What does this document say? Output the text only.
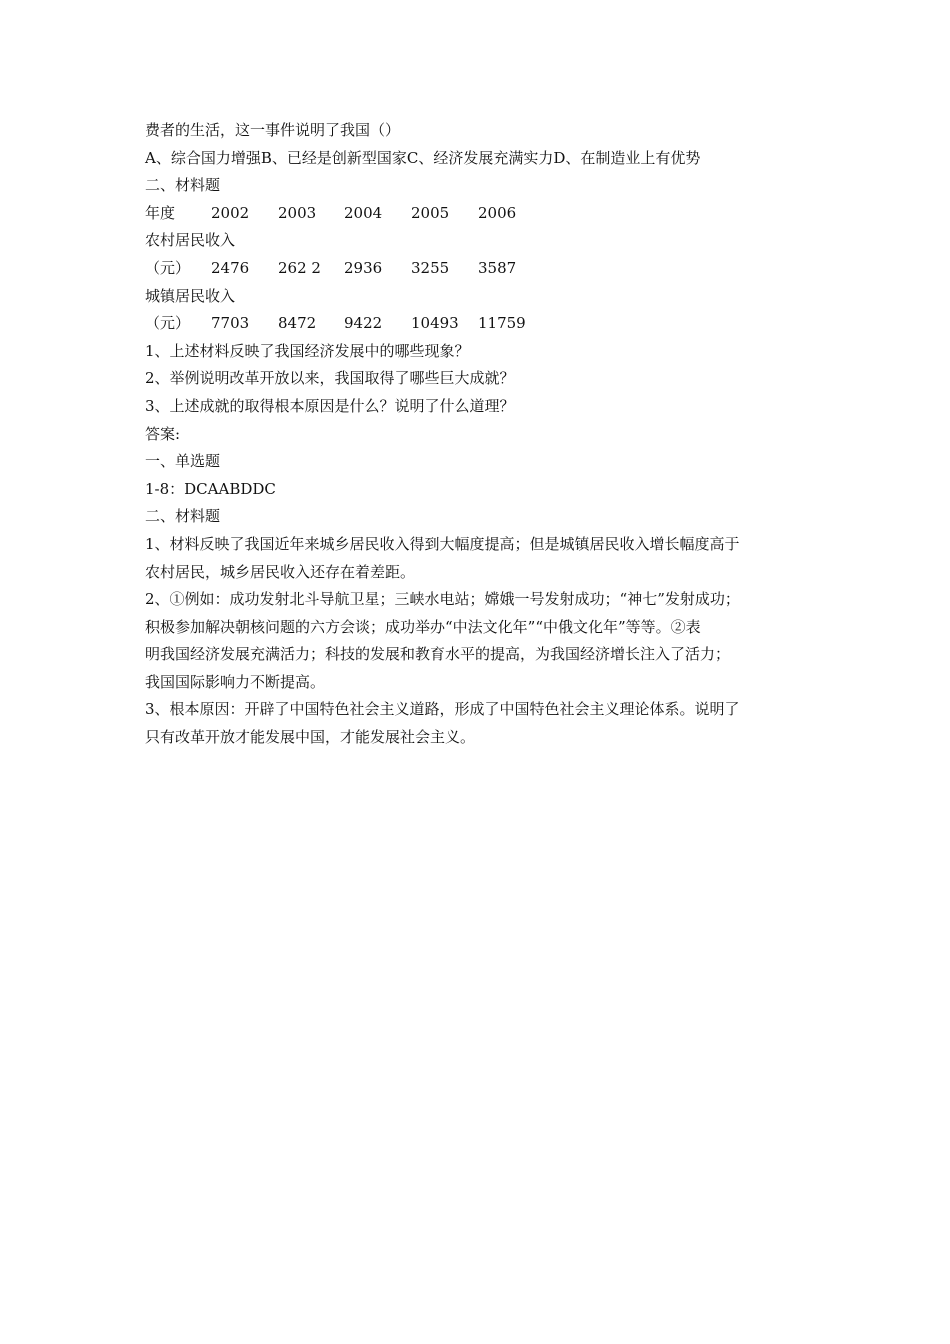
费者的生活，这一事件说明了我国（）
A、综合国力增强B、已经是创新型国家C、经济发展充满实力D、在制造业上有优势
二、材料题
年度 2002 2003 2004 2005 2006
农村居民收入
（元） 2476 262 2 2936 3255 3587
城镇居民收入
（元） 7703 8472 9422 10493 11759
1、上述材料反映了我国经济发展中的哪些现象？
2、举例说明改革开放以来，我国取得了哪些巨大成就？
3、上述成就的取得根本原因是什么？说明了什么道理？
答案:
一、单选题
1-8：DCAABDDC
二、材料题
1、材料反映了我国近年来城乡居民收入得到大幅度提高；但是城镇居民收入增长幅度高于
农村居民，城乡居民收入还存在着差距。
2、①例如：成功发射北斗导航卫星；三峡水电站；嫦娥一号发射成功；“神七”发射成功；
积极参加解决朝核问题的六方会谈；成功举办“中法文化年”“中俄文化年”等等。②表
明我国经济发展充满活力；科技的发展和教育水平的提高，为我国经济增长注入了活力；
我国国际影响力不断提高。
3、根本原因：开辟了中国特色社会主义道路，形成了中国特色社会主义理论体系。说明了
只有改革开放才能发展中国，才能发展社会主义。
